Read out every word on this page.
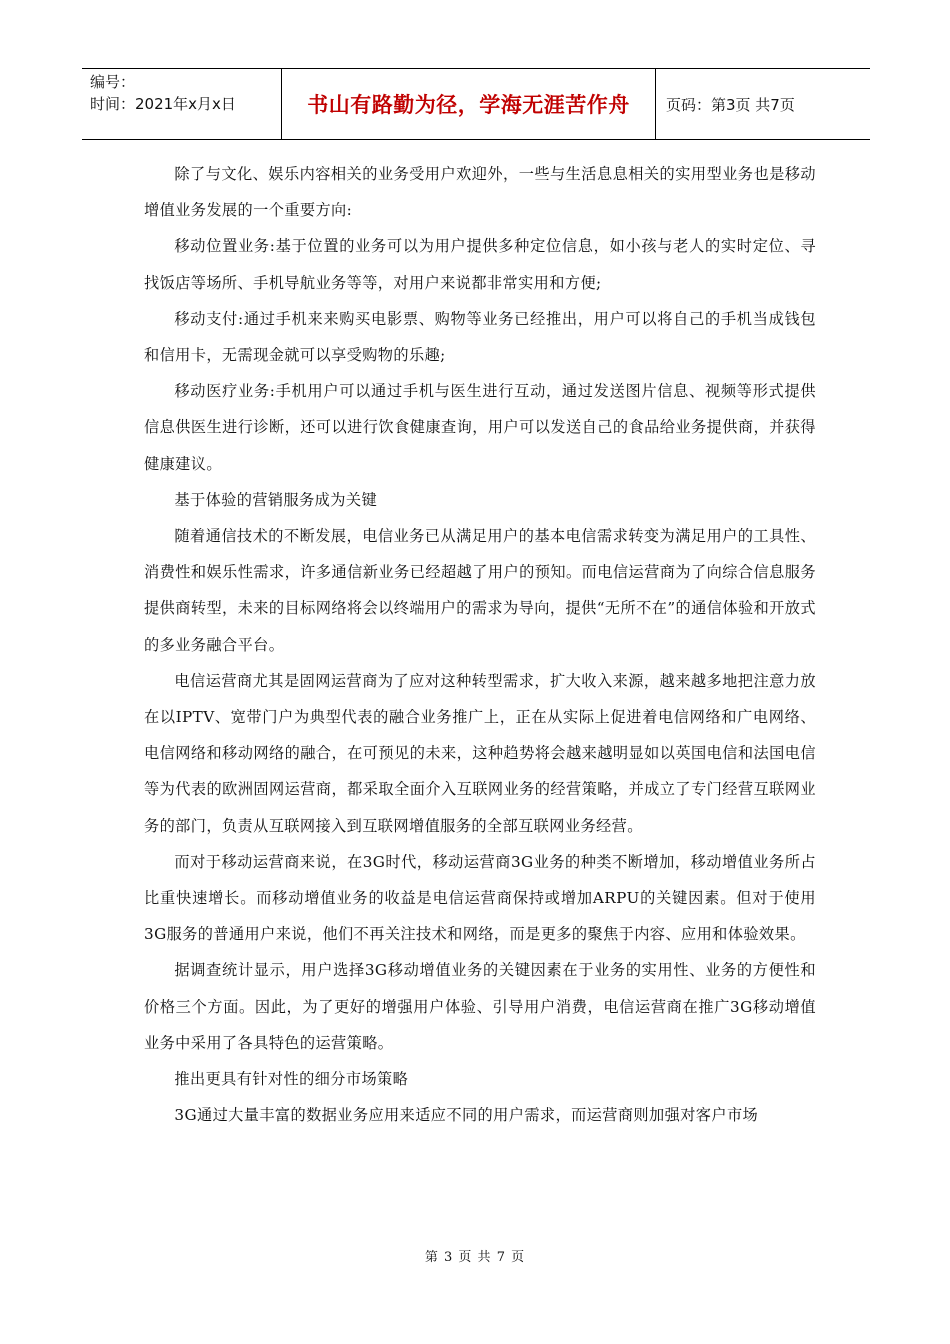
编号：
时间：2021年x月x日	书山有路勤为径，学海无涯苦作舟 页码：第3页 共7页

除了与文化、娱乐内容相关的业务受用户欢迎外，一些与生活息息相关的实用型业务也是移动增值业务发展的一个重要方向:

移动位置业务:基于位置的业务可以为用户提供多种定位信息，如小孩与老人的实时定位、寻找饭店等场所、手机导航业务等等，对用户来说都非常实用和方便;

移动支付:通过手机来来购买电影票、购物等业务已经推出，用户可以将自己的手机当成钱包和信用卡，无需现金就可以享受购物的乐趣;

移动医疗业务:手机用户可以通过手机与医生进行互动，通过发送图片信息、视频等形式提供信息供医生进行诊断，还可以进行饮食健康查询，用户可以发送自己的食品给业务提供商，并获得健康建议。

基于体验的营销服务成为关键

随着通信技术的不断发展，电信业务已从满足用户的基本电信需求转变为满足用户的工具性、消费性和娱乐性需求，许多通信新业务已经超越了用户的预知。而电信运营商为了向综合信息服务提供商转型，未来的目标网络将会以终端用户的需求为导向，提供“无所不在”的通信体验和开放式的多业务融合平台。

电信运营商尤其是固网运营商为了应对这种转型需求，扩大收入来源，越来越多地把注意力放在以IPTV、宽带门户为典型代表的融合业务推广上，正在从实际上促进着电信网络和广电网络、电信网络和移动网络的融合，在可预见的未来，这种趋势将会越来越明显如以英国电信和法国电信等为代表的欧洲固网运营商，都采取全面介入互联网业务的经营策略，并成立了专门经营互联网业务的部门，负责从互联网接入到互联网增值服务的全部互联网业务经营。

而对于移动运营商来说，在3G时代，移动运营商3G业务的种类不断增加，移动增值业务所占比重快速增长。而移动增值业务的收益是电信运营商保持或增加ARPU的关键因素。但对于使用3G服务的普通用户来说，他们不再关注技术和网络，而是更多的聚焦于内容、应用和体验效果。

据调查统计显示，用户选择3G移动增值业务的关键因素在于业务的实用性、业务的方便性和价格三个方面。因此，为了更好的增强用户体验、引导用户消费，电信运营商在推广3G移动增值业务中采用了各具特色的运营策略。

推出更具有针对性的细分市场策略

3G通过大量丰富的数据业务应用来适应不同的用户需求，而运营商则加强对客户市场

第 3 页 共 7 页
